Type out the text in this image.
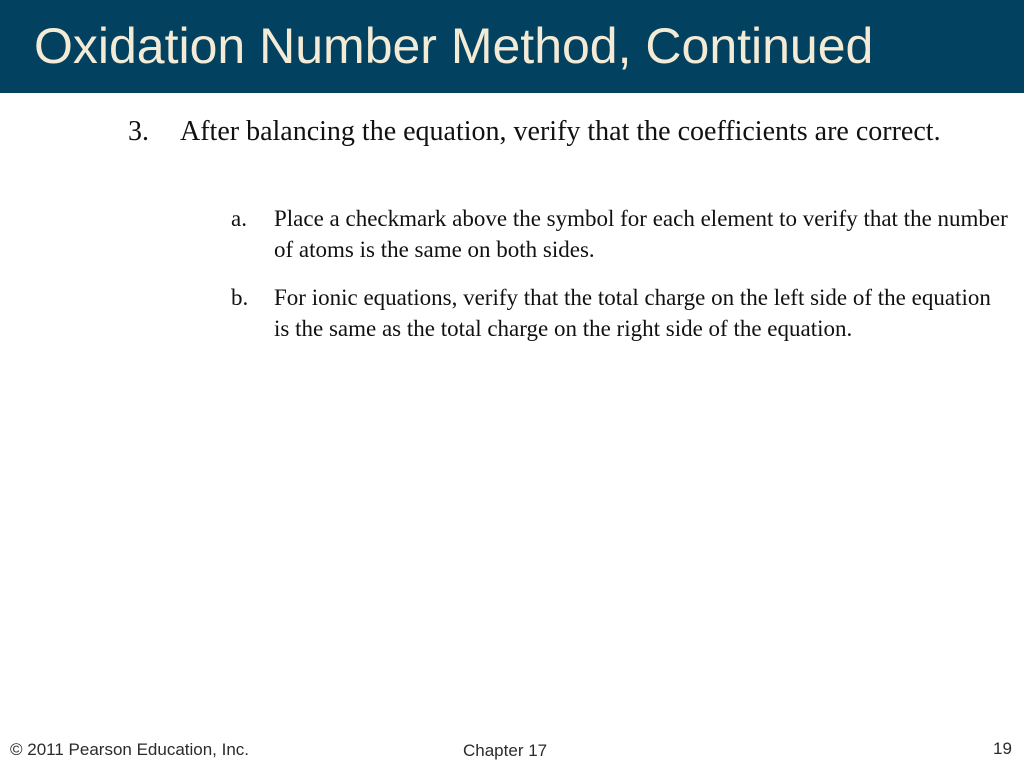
Oxidation Number Method, Continued
3. After balancing the equation, verify that the coefficients are correct.
a. Place a checkmark above the symbol for each element to verify that the number of atoms is the same on both sides.
b. For ionic equations, verify that the total charge on the left side of the equation is the same as the total charge on the right side of the equation.
© 2011 Pearson Education, Inc.	Chapter 17	19
